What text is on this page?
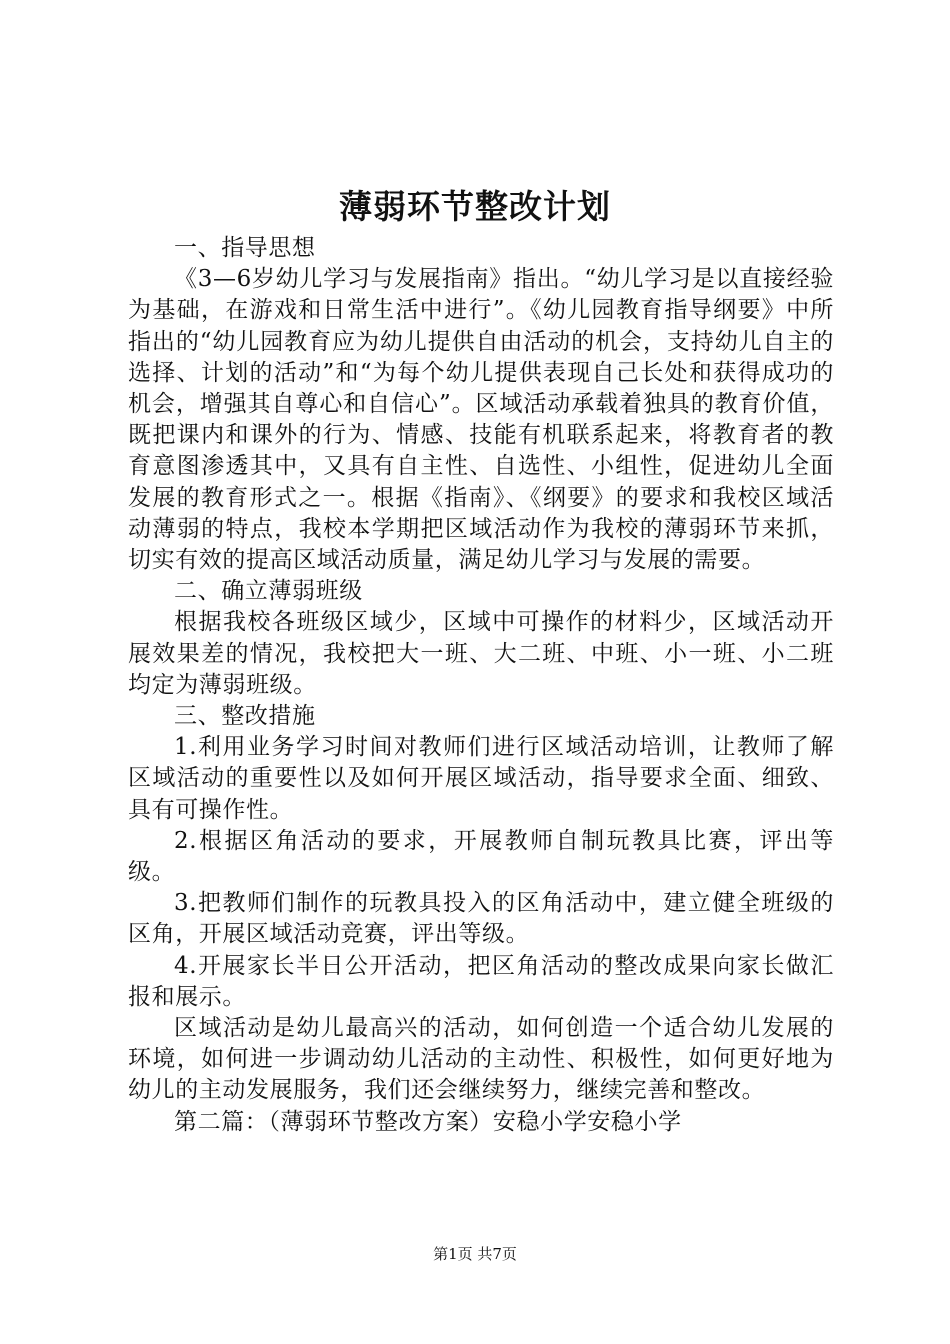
薄弱环节整改计划

一、指导思想

《3—6岁幼儿学习与发展指南》指出。“幼儿学习是以直接经验为基础，在游戏和日常生活中进行”。《幼儿园教育指导纲要》中所指出的“幼儿园教育应为幼儿提供自由活动的机会，支持幼儿自主的选择、计划的活动”和“为每个幼儿提供表现自己长处和获得成功的机会，增强其自尊心和自信心”。区域活动承载着独具的教育价值，既把课内和课外的行为、情感、技能有机联系起来，将教育者的教育意图渗透其中，又具有自主性、自选性、小组性，促进幼儿全面发展的教育形式之一。根据《指南》、《纲要》的要求和我校区域活动薄弱的特点，我校本学期把区域活动作为我校的薄弱环节来抓，切实有效的提高区域活动质量，满足幼儿学习与发展的需要。

二、确立薄弱班级

根据我校各班级区域少，区域中可操作的材料少，区域活动开展效果差的情况，我校把大一班、大二班、中班、小一班、小二班均定为薄弱班级。

三、整改措施

1.利用业务学习时间对教师们进行区域活动培训，让教师了解区域活动的重要性以及如何开展区域活动，指导要求全面、细致、具有可操作性。

2.根据区角活动的要求，开展教师自制玩教具比赛，评出等级。

3.把教师们制作的玩教具投入的区角活动中，建立健全班级的区角，开展区域活动竞赛，评出等级。

4.开展家长半日公开活动，把区角活动的整改成果向家长做汇报和展示。

区域活动是幼儿最高兴的活动，如何创造一个适合幼儿发展的环境，如何进一步调动幼儿活动的主动性、积极性，如何更好地为幼儿的主动发展服务，我们还会继续努力，继续完善和整改。

第二篇：（薄弱环节整改方案）安稳小学安稳小学

第1页 共7页
